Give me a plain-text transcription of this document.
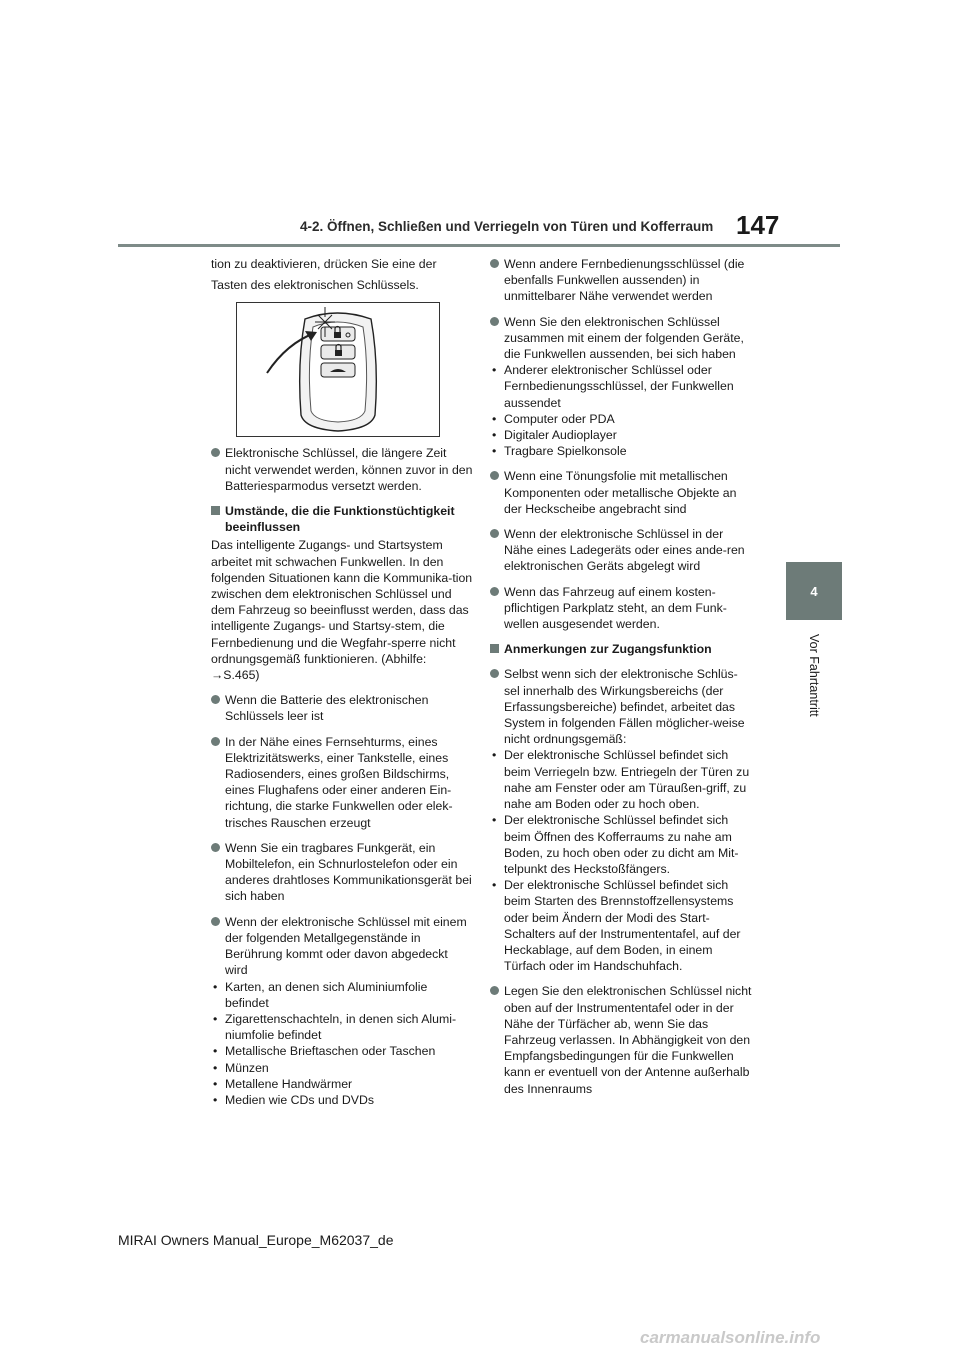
4-2. Öffnen, Schließen und Verriegeln von Türen und Kofferraum 147
4
Vor Fahrtantritt

tion zu deaktivieren, drücken Sie eine der

Tasten des elektronischen Schlüssels.

Elektronische Schlüssel, die längere Zeit nicht verwendet werden, können zuvor in den Batteriesparmodus versetzt werden.
Umstände, die die Funktionstüchtigkeit beeinflussen

Das intelligente Zugangs- und Startsystem arbeitet mit schwachen Funkwellen. In den folgenden Situationen kann die Kommunika-tion zwischen dem elektronischen Schlüssel und dem Fahrzeug so beeinflusst werden, dass das intelligente Zugangs- und Startsy-stem, die Fernbedienung und die Wegfahr-sperre nicht ordnungsgemäß funktionieren. (Abhilfe: →S.465)

Wenn die Batterie des elektronischen Schlüssels leer ist
In der Nähe eines Fernsehturms, eines Elektrizitätswerks, einer Tankstelle, eines Radiosenders, eines großen Bildschirms, eines Flughafens oder einer anderen Ein-richtung, die starke Funkwellen oder elek-trisches Rauschen erzeugt
Wenn Sie ein tragbares Funkgerät, ein Mobiltelefon, ein Schnurlostelefon oder ein anderes drahtloses Kommunikationsgerät bei sich haben
Wenn der elektronische Schlüssel mit einem der folgenden Metallgegenstände in Berührung kommt oder davon abgedeckt wird
• Karten, an denen sich Aluminiumfolie befindet
• Zigarettenschachteln, in denen sich Alumi-niumfolie befindet
• Metallische Brieftaschen oder Taschen
• Münzen
• Metallene Handwärmer
• Medien wie CDs und DVDs
Wenn andere Fernbedienungsschlüssel (die ebenfalls Funkwellen aussenden) in unmittelbarer Nähe verwendet werden
Wenn Sie den elektronischen Schlüssel zusammen mit einem der folgenden Geräte, die Funkwellen aussenden, bei sich haben
• Anderer elektronischer Schlüssel oder Fernbedienungsschlüssel, der Funkwellen aussendet
• Computer oder PDA
• Digitaler Audioplayer
• Tragbare Spielkonsole
Wenn eine Tönungsfolie mit metallischen Komponenten oder metallische Objekte an der Heckscheibe angebracht sind
Wenn der elektronische Schlüssel in der Nähe eines Ladegeräts oder eines ande-ren elektronischen Geräts abgelegt wird
Wenn das Fahrzeug auf einem kosten-pflichtigen Parkplatz steht, an dem Funk-wellen ausgesendet werden.
Anmerkungen zur Zugangsfunktion
Selbst wenn sich der elektronische Schlüs-sel innerhalb des Wirkungsbereichs (der Erfassungsbereiche) befindet, arbeitet das System in folgenden Fällen möglicher-weise nicht ordnungsgemäß:
• Der elektronische Schlüssel befindet sich beim Verriegeln bzw. Entriegeln der Türen zu nahe am Fenster oder am Türaußen-griff, zu nahe am Boden oder zu hoch oben.
• Der elektronische Schlüssel befindet sich beim Öffnen des Kofferraums zu nahe am Boden, zu hoch oben oder zu dicht am Mit-telpunkt des Heckstoßfängers.
• Der elektronische Schlüssel befindet sich beim Starten des Brennstoffzellensystems oder beim Ändern der Modi des Start-Schalters auf der Instrumententafel, auf der Heckablage, auf dem Boden, in einem Türfach oder im Handschuhfach.
Legen Sie den elektronischen Schlüssel nicht oben auf der Instrumententafel oder in der Nähe der Türfächer ab, wenn Sie das Fahrzeug verlassen. In Abhängigkeit von den Empfangsbedingungen für die Funkwellen kann er eventuell von der Antenne außerhalb des Innenraums
MIRAI Owners Manual_Europe_M62037_de
carmanualsonline.info
